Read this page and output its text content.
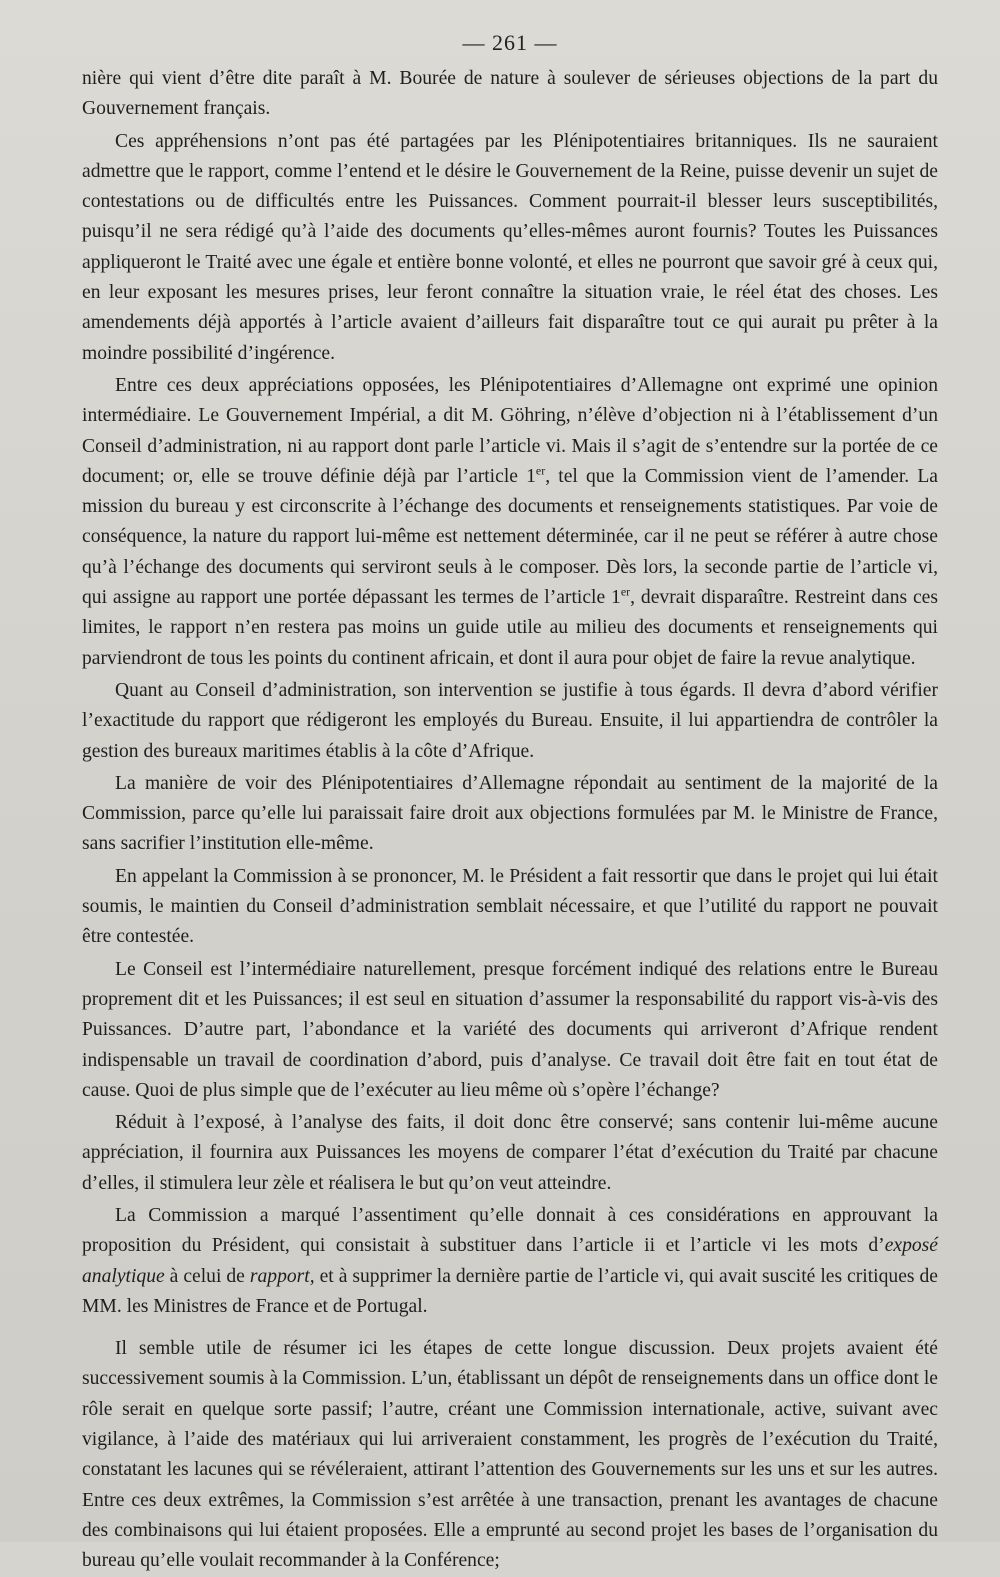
— 261 —

nière qui vient d’être dite paraît à M. Bourée de nature à soulever de sérieuses objections de la part du Gouvernement français.

Ces appréhensions n’ont pas été partagées par les Plénipotentiaires britanniques. Ils ne sauraient admettre que le rapport, comme l’entend et le désire le Gouvernement de la Reine, puisse devenir un sujet de contestations ou de difficultés entre les Puissances. Comment pourrait-il blesser leurs susceptibilités, puisqu’il ne sera rédigé qu’à l’aide des documents qu’elles-mêmes auront fournis? Toutes les Puissances appliqueront le Traité avec une égale et entière bonne volonté, et elles ne pourront que savoir gré à ceux qui, en leur exposant les mesures prises, leur feront connaître la situation vraie, le réel état des choses. Les amendements déjà apportés à l’article avaient d’ailleurs fait disparaître tout ce qui aurait pu prêter à la moindre possibilité d’ingérence.

Entre ces deux appréciations opposées, les Plénipotentiaires d’Allemagne ont exprimé une opinion intermédiaire. Le Gouvernement Impérial, a dit M. Göhring, n’élève d’objection ni à l’établissement d’un Conseil d’administration, ni au rapport dont parle l’article vi. Mais il s’agit de s’entendre sur la portée de ce document; or, elle se trouve définie déjà par l’article 1er, tel que la Commission vient de l’amender. La mission du bureau y est circonscrite à l’échange des documents et renseignements statistiques. Par voie de conséquence, la nature du rapport lui-même est nettement déterminée, car il ne peut se référer à autre chose qu’à l’échange des documents qui serviront seuls à le composer. Dès lors, la seconde partie de l’article vi, qui assigne au rapport une portée dépassant les termes de l’article 1er, devrait disparaître. Restreint dans ces limites, le rapport n’en restera pas moins un guide utile au milieu des documents et renseignements qui parviendront de tous les points du continent africain, et dont il aura pour objet de faire la revue analytique.

Quant au Conseil d’administration, son intervention se justifie à tous égards. Il devra d’abord vérifier l’exactitude du rapport que rédigeront les employés du Bureau. Ensuite, il lui appartiendra de contrôler la gestion des bureaux maritimes établis à la côte d’Afrique.

La manière de voir des Plénipotentiaires d’Allemagne répondait au sentiment de la majorité de la Commission, parce qu’elle lui paraissait faire droit aux objections formulées par M. le Ministre de France, sans sacrifier l’institution elle-même.

En appelant la Commission à se prononcer, M. le Président a fait ressortir que dans le projet qui lui était soumis, le maintien du Conseil d’administration semblait nécessaire, et que l’utilité du rapport ne pouvait être contestée.

Le Conseil est l’intermédiaire naturellement, presque forcément indiqué des relations entre le Bureau proprement dit et les Puissances; il est seul en situation d’assumer la responsabilité du rapport vis-à-vis des Puissances. D’autre part, l’abondance et la variété des documents qui arriveront d’Afrique rendent indispensable un travail de coordination d’abord, puis d’analyse. Ce travail doit être fait en tout état de cause. Quoi de plus simple que de l’exécuter au lieu même où s’opère l’échange?

Réduit à l’exposé, à l’analyse des faits, il doit donc être conservé; sans contenir lui-même aucune appréciation, il fournira aux Puissances les moyens de comparer l’état d’exécution du Traité par chacune d’elles, il stimulera leur zèle et réalisera le but qu’on veut atteindre.

La Commission a marqué l’assentiment qu’elle donnait à ces considérations en approuvant la proposition du Président, qui consistait à substituer dans l’article ii et l’article vi les mots d’exposé analytique à celui de rapport, et à supprimer la dernière partie de l’article vi, qui avait suscité les critiques de MM. les Ministres de France et de Portugal.

Il semble utile de résumer ici les étapes de cette longue discussion. Deux projets avaient été successivement soumis à la Commission. L’un, établissant un dépôt de renseignements dans un office dont le rôle serait en quelque sorte passif; l’autre, créant une Commission internationale, active, suivant avec vigilance, à l’aide des matériaux qui lui arriveraient constamment, les progrès de l’exécution du Traité, constatant les lacunes qui se révéleraient, attirant l’attention des Gouvernements sur les uns et sur les autres. Entre ces deux extrêmes, la Commission s’est arrêtée à une transaction, prenant les avantages de chacune des combinaisons qui lui étaient proposées. Elle a emprunté au second projet les bases de l’organisation du bureau qu’elle voulait recommander à la Conférence;
